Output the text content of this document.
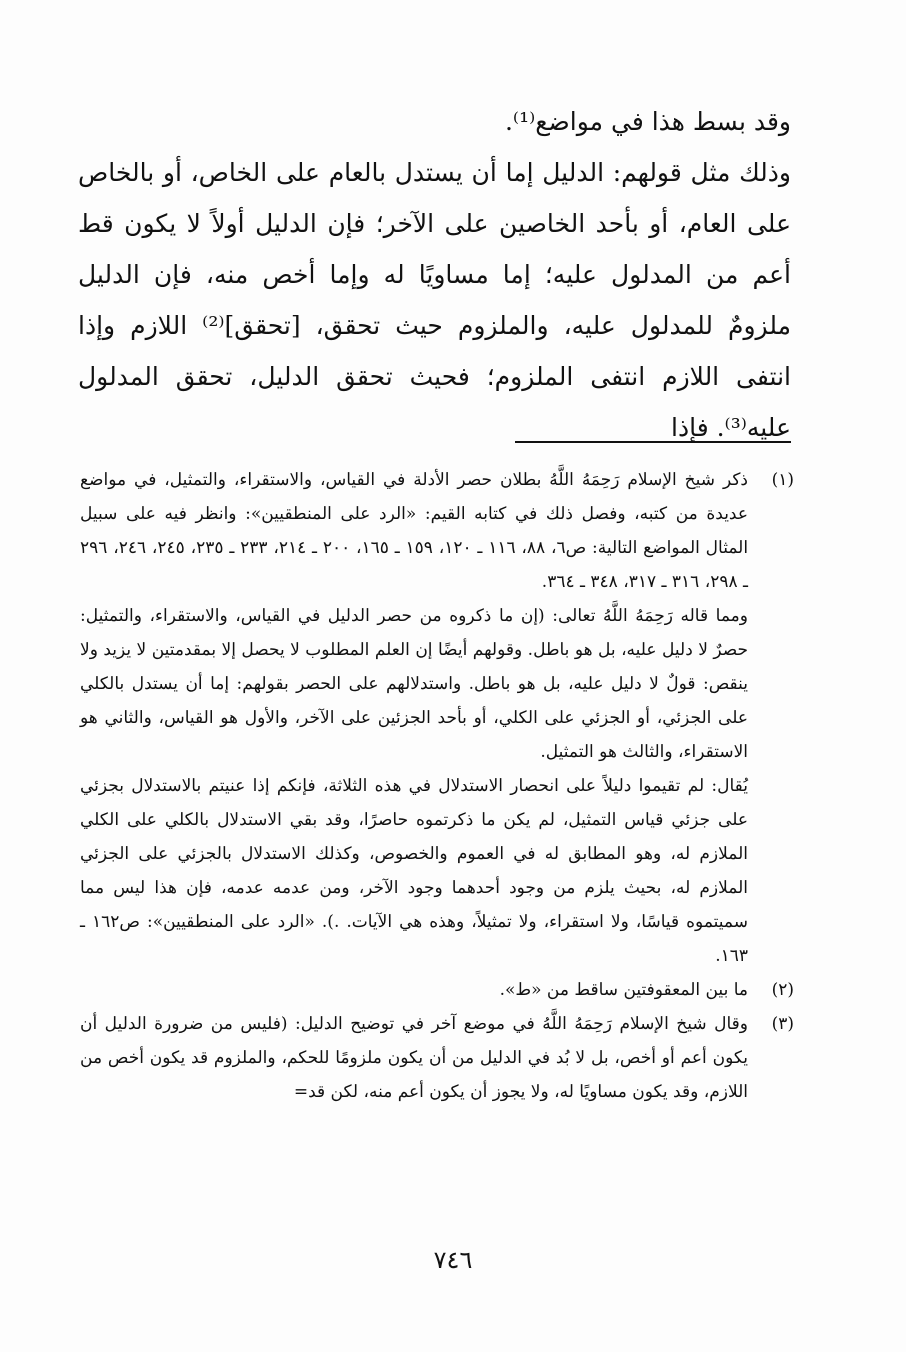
وقد بسط هذا في مواضع⁽¹⁾.

وذلك مثل قولهم: الدليل إما أن يستدل بالعام على الخاص، أو بالخاص على العام، أو بأحد الخاصين على الآخر؛ فإن الدليل أولاً لا يكون قط أعم من المدلول عليه؛ إما مساويًا له وإما أخص منه، فإن الدليل ملزومٌ للمدلول عليه، والملزوم حيث تحقق، [تحقق]⁽²⁾ اللازم وإذا انتفى اللازم انتفى الملزوم؛ فحيث تحقق الدليل، تحقق المدلول عليه⁽³⁾. فإذا

(١)

ذكر شيخ الإسلام رَحِمَهُ اللَّهُ بطلان حصر الأدلة في القياس، والاستقراء، والتمثيل، في مواضع عديدة من كتبه، وفصل ذلك في كتابه القيم: «الرد على المنطقيين»: وانظر فيه على سبيل المثال المواضع التالية: ص٦، ٨٨، ١١٦ ـ ١٢٠، ١٥٩ ـ ١٦٥، ٢٠٠ ـ ٢١٤، ٢٣٣ ـ ٢٣٥، ٢٤٥، ٢٤٦، ٢٩٦ ـ ٢٩٨، ٣١٦ ـ ٣١٧، ٣٤٨ ـ ٣٦٤.

ومما قاله رَحِمَهُ اللَّهُ تعالى: (إن ما ذكروه من حصر الدليل في القياس، والاستقراء، والتمثيل: حصرٌ لا دليل عليه، بل هو باطل. وقولهم أيضًا إن العلم المطلوب لا يحصل إلا بمقدمتين لا يزيد ولا ينقص: قولٌ لا دليل عليه، بل هو باطل. واستدلالهم على الحصر بقولهم: إما أن يستدل بالكلي على الجزئي، أو الجزئي على الكلي، أو بأحد الجزئين على الآخر، والأول هو القياس، والثاني هو الاستقراء، والثالث هو التمثيل.

يُقال: لم تقيموا دليلاً على انحصار الاستدلال في هذه الثلاثة، فإنكم إذا عنيتم بالاستدلال بجزئي على جزئي قياس التمثيل، لم يكن ما ذكرتموه حاصرًا، وقد بقي الاستدلال بالكلي على الكلي الملازم له، وهو المطابق له في العموم والخصوص، وكذلك الاستدلال بالجزئي على الجزئي الملازم له، بحيث يلزم من وجود أحدهما وجود الآخر، ومن عدمه عدمه، فإن هذا ليس مما سميتموه قياسًا، ولا استقراء، ولا تمثيلاً، وهذه هي الآيات. .). «الرد على المنطقيين»: ص١٦٢ ـ ١٦٣.

(٢)

ما بين المعقوفتين ساقط من «ط».

(٣)

وقال شيخ الإسلام رَحِمَهُ اللَّهُ في موضع آخر في توضيح الدليل: (فليس من ضرورة الدليل أن يكون أعم أو أخص، بل لا بُد في الدليل من أن يكون ملزومًا للحكم، والملزوم قد يكون أخص من اللازم، وقد يكون مساويًا له، ولا يجوز أن يكون أعم منه، لكن قد=

٧٤٦
